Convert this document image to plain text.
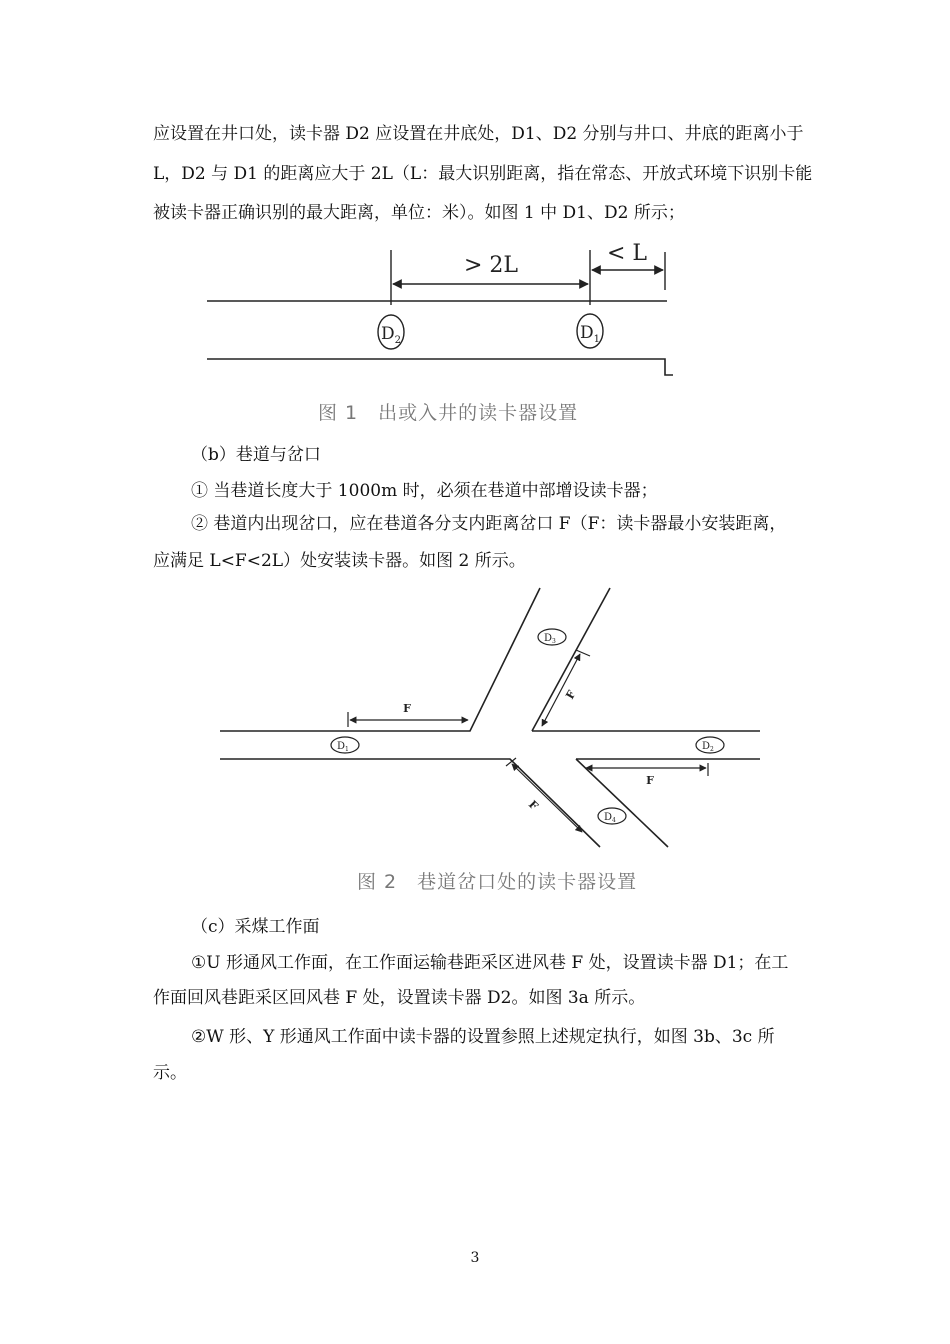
应设置在井口处，读卡器 D2 应设置在井底处，D1、D2 分别与井口、井底的距离小于

L，D2 与 D1 的距离应大于 2L（L：最大识别距离，指在常态、开放式环境下识别卡能

被读卡器正确识别的最大距离，单位：米）。如图 1 中 D1、D2 所示；

> 2L	< L
$D_2$	$D_1$
图 1　出或入井的读卡器设置

（b）巷道与岔口

① 当巷道长度大于 1000m 时，必须在巷道中部增设读卡器；

② 巷道内出现岔口，应在巷道各分支内距离岔口 F（F：读卡器最小安装距离，

应满足 L<F<2L）处安装读卡器。如图 2 所示。

F
F
F
F
$D_1$	$D_2$
$D_3$
$D_4$
图 2　巷道岔口处的读卡器设置

（c）采煤工作面

①U 形通风工作面，在工作面运输巷距采区进风巷 F 处，设置读卡器 D1；在工

作面回风巷距采区回风巷 F 处，设置读卡器 D2。如图 3a 所示。

②W 形、Y 形通风工作面中读卡器的设置参照上述规定执行，如图 3b、3c 所

示。

3
